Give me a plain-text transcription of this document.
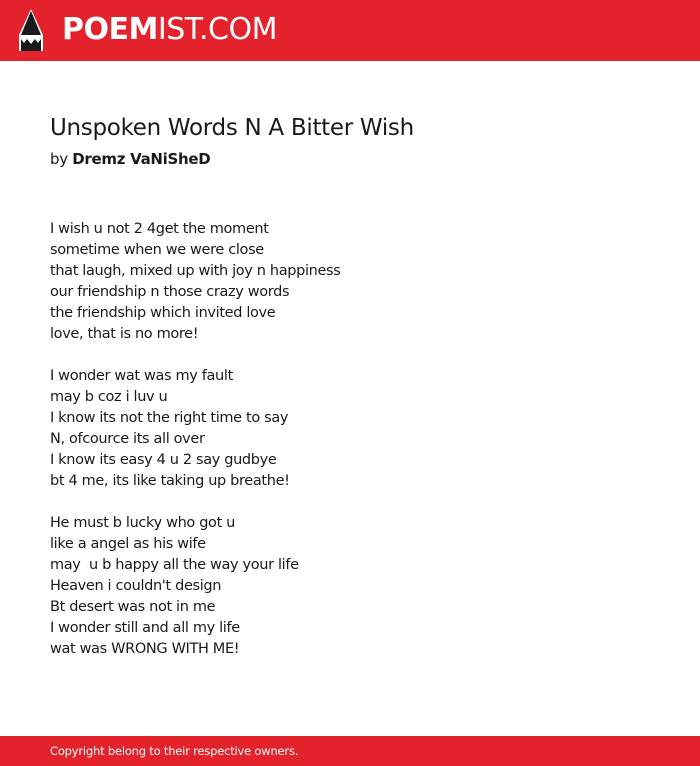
POEMIST.COM
Unspoken Words N A Bitter Wish
by Dremz VaNiSheD
I wish u not 2 4get the moment
sometime when we were close
that laugh, mixed up with joy n happiness
our friendship n those crazy words
the friendship which invited love
love, that is no more!
I wonder wat was my fault
may b coz i luv u
I know its not the right time to say
N, ofcource its all over
I know its easy 4 u 2 say gudbye
bt 4 me, its like taking up breathe!
He must b lucky who got u
like a angel as his wife
may  u b happy all the way your life
Heaven i couldn't design
Bt desert was not in me
I wonder still and all my life
wat was WRONG WITH ME!
Copyright belong to their respective owners.
